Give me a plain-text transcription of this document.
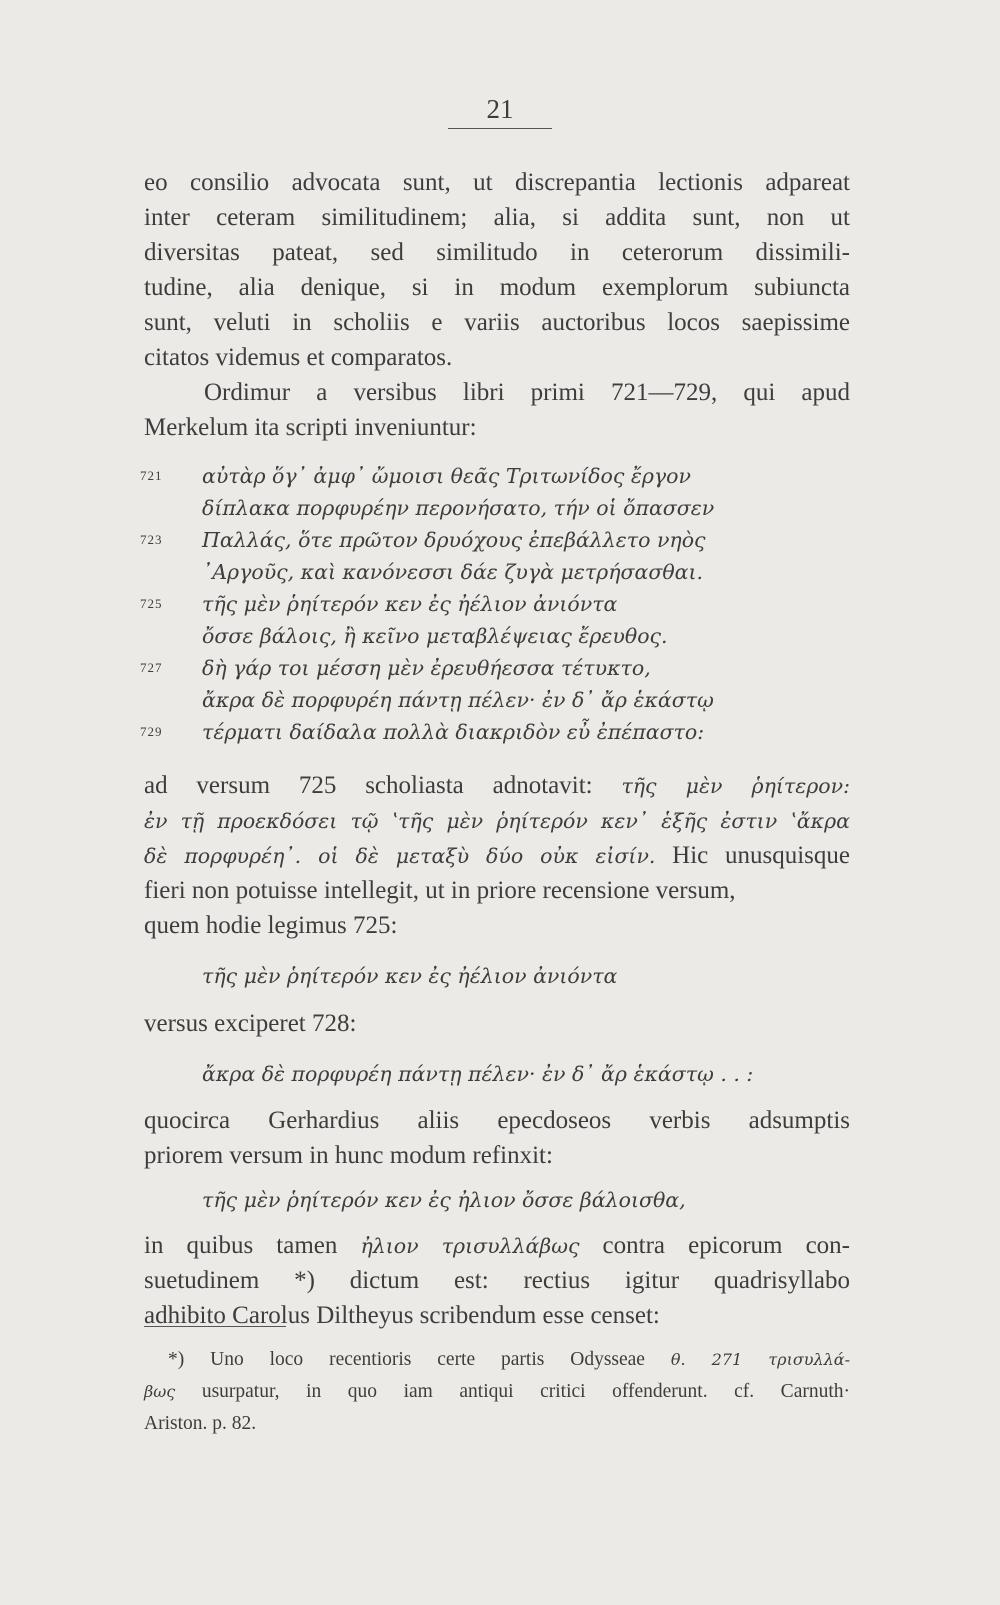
21
eo consilio advocata sunt, ut discrepantia lectionis adpareat
inter ceteram similitudinem; alia, si addita sunt, non ut
diversitas pateat, sed similitudo in ceterorum dissimili-
tudine, alia denique, si in modum exemplorum subiuncta
sunt, veluti in scholiis e variis auctoribus locos saepissime
citatos videmus et comparatos.
Ordimur a versibus libri primi 721—729, qui apud
Merkelum ita scripti inveniuntur:
721 αὐτὰρ ὅγ᾽ ἀμφ᾽ ὤμοισι θεᾶς Τριτωνίδος ἔργον
δίπλακα πορφυρέην περονήσατο, τήν οἱ ὄπασσεν
723 Παλλάς, ὅτε πρῶτον δρυόχους ἐπεβάλλετο νηὸς
᾽Αργοῦς, καὶ κανόνεσσι δάε ζυγὰ μετρήσασθαι.
725 τῆς μὲν ῥηίτερόν κεν ἐς ἠέλιον ἀνιόντα
ὄσσε βάλοις, ἢ κεῖνο μεταβλέψειας ἔρευθος.
727 δὴ γάρ τοι μέσση μὲν ἐρευθήεσσα τέτυκτο,
ἄκρα δὲ πορφυρέη πάντῃ πέλεν· ἐν δ᾽ ἄρ ἑκάστῳ
729 τέρματι δαίδαλα πολλὰ διακριδὸν εὖ ἐπέπαστο:
ad versum 725 scholiasta adnotavit: τῆς μὲν ῥηίτερον:
ἐν τῇ προεκδόσει τῷ ʽτῆς μὲν ῥηίτερόν κεν᾽ ἑξῆς ἐστιν ʽἄκρα
δὲ πορφυρέη᾽. οἱ δὲ μεταξὺ δύο οὐκ εἰσίν. Hic unusquisque
fieri non potuisse intellegit, ut in priore recensione versum,
quem hodie legimus 725:
τῆς μὲν ῥηίτερόν κεν ἐς ἠέλιον ἀνιόντα
versus exciperet 728:
ἄκρα δὲ πορφυρέη πάντῃ πέλεν· ἐν δ᾽ ἄρ ἑκάστῳ . . :
quocirca Gerhardius aliis epecdoseos verbis adsumptis
priorem versum in hunc modum refinxit:
τῆς μὲν ῥηίτερόν κεν ἐς ἠλιον ὄσσε βάλοισθα,
in quibus tamen ἠλιον τρισυλλάβως contra epicorum con-
suetudinem *) dictum est: rectius igitur quadrisyllabo
adhibito Carolus Diltheyus scribendum esse censet:
*) Uno loco recentioris certe partis Odysseae θ. 271 τρισυλλά-
βως usurpatur, in quo iam antiqui critici offenderunt. cf. Carnuth·
Ariston. p. 82.
